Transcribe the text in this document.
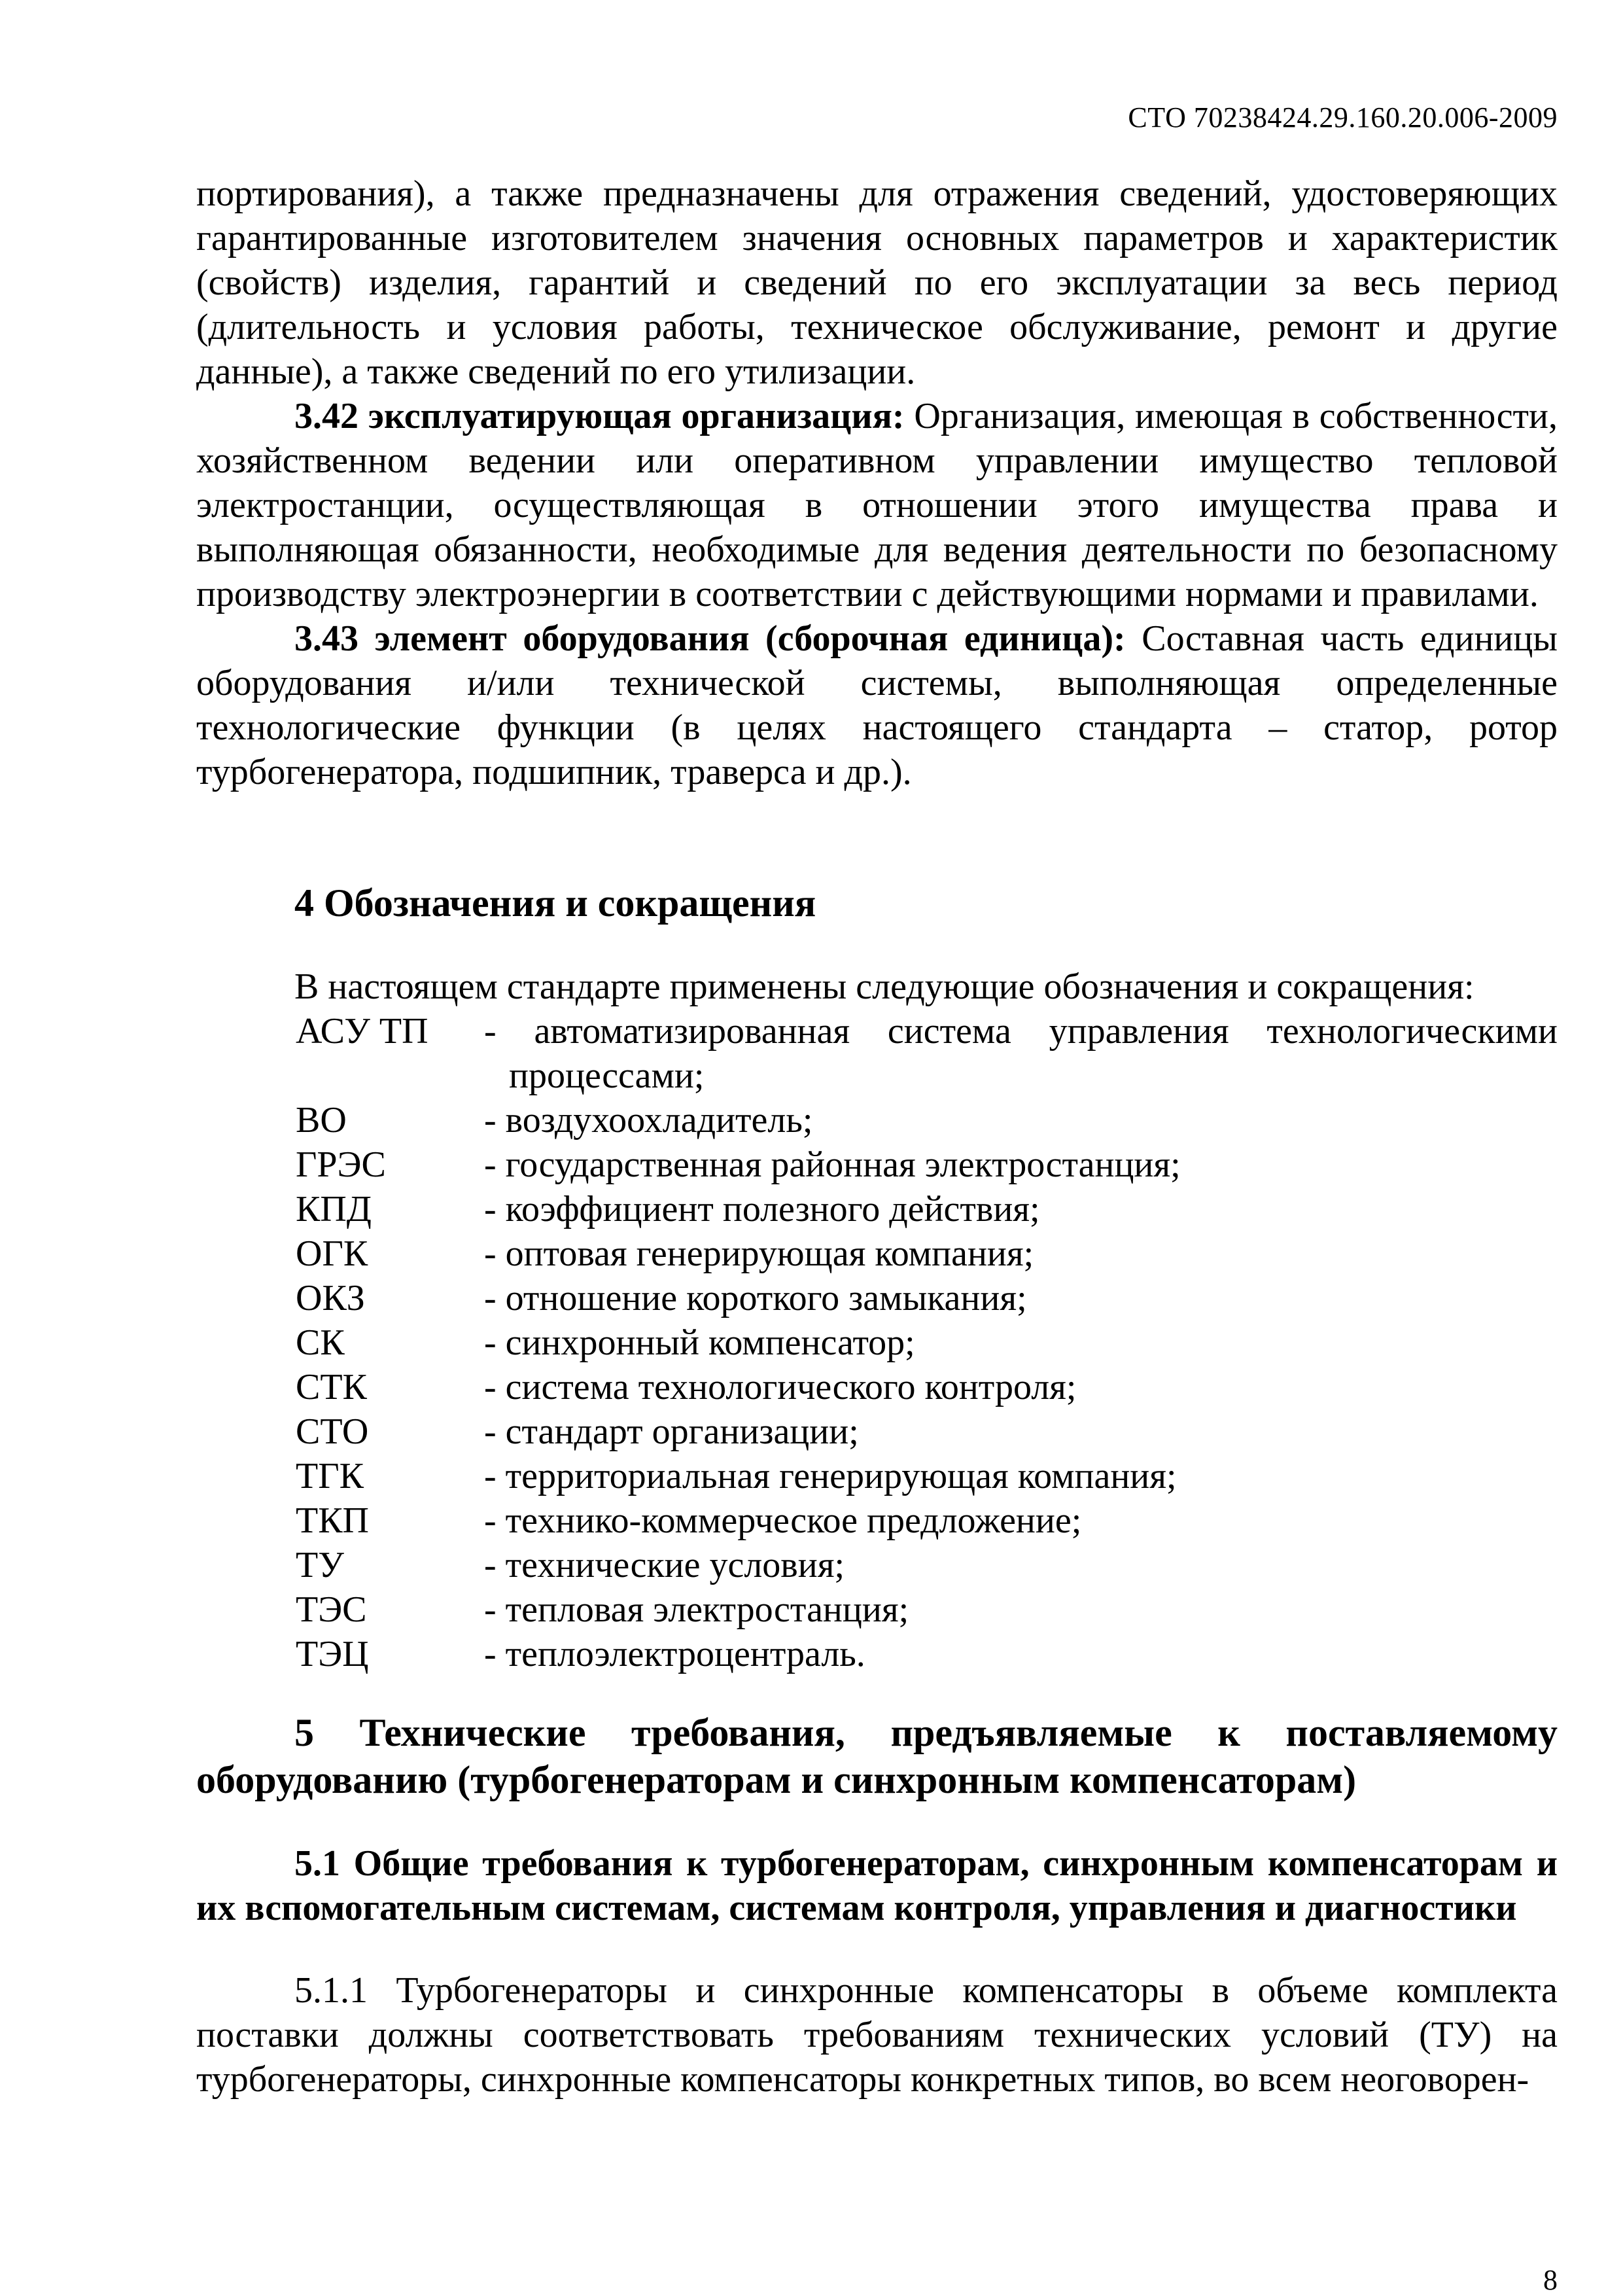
СТО 70238424.29.160.20.006-2009

портирования), а также предназначены для отражения сведений, удостоверяющих гарантированные изготовителем значения основных параметров и характеристик (свойств) изделия, гарантий и сведений по его эксплуатации за весь период (длительность и условия работы, техническое обслуживание, ремонт и другие данные), а также сведений по его утилизации.

3.42 эксплуатирующая организация: Организация, имеющая в собственности, хозяйственном ведении или оперативном управлении имущество тепловой электростанции, осуществляющая в отношении этого имущества права и выполняющая обязанности, необходимые для ведения деятельности по безопасному производству электроэнергии в соответствии с действующими нормами и правилами.

3.43 элемент оборудования (сборочная единица): Составная часть единицы оборудования и/или технической системы, выполняющая определенные технологические функции (в целях настоящего стандарта – статор, ротор турбогенератора, подшипник, траверса и др.).

4 Обозначения и сокращения

В настоящем стандарте применены следующие обозначения и сокращения:

АСУ ТП	- автоматизированная система управления технологическими процессами;
ВО	- воздухоохладитель;
ГРЭС	- государственная районная электростанция;
КПД	- коэффициент полезного действия;
ОГК	- оптовая генерирующая компания;
ОКЗ	- отношение короткого замыкания;
СК	- синхронный компенсатор;
СТК	- система технологического контроля;
СТО	- стандарт организации;
ТГК	- территориальная генерирующая компания;
ТКП	- технико-коммерческое предложение;
ТУ	- технические условия;
ТЭС	- тепловая электростанция;
ТЭЦ	- теплоэлектроцентраль.
5 Технические требования, предъявляемые к поставляемому оборудованию (турбогенераторам и синхронным компенсаторам)

5.1 Общие требования к турбогенераторам, синхронным компенсаторам и их вспомогательным системам, системам контроля, управления и диагностики

5.1.1 Турбогенераторы и синхронные компенсаторы в объеме комплекта поставки должны соответствовать требованиям технических условий (ТУ) на турбогенераторы, синхронные компенсаторы конкретных типов, во всем неоговорен-

8
